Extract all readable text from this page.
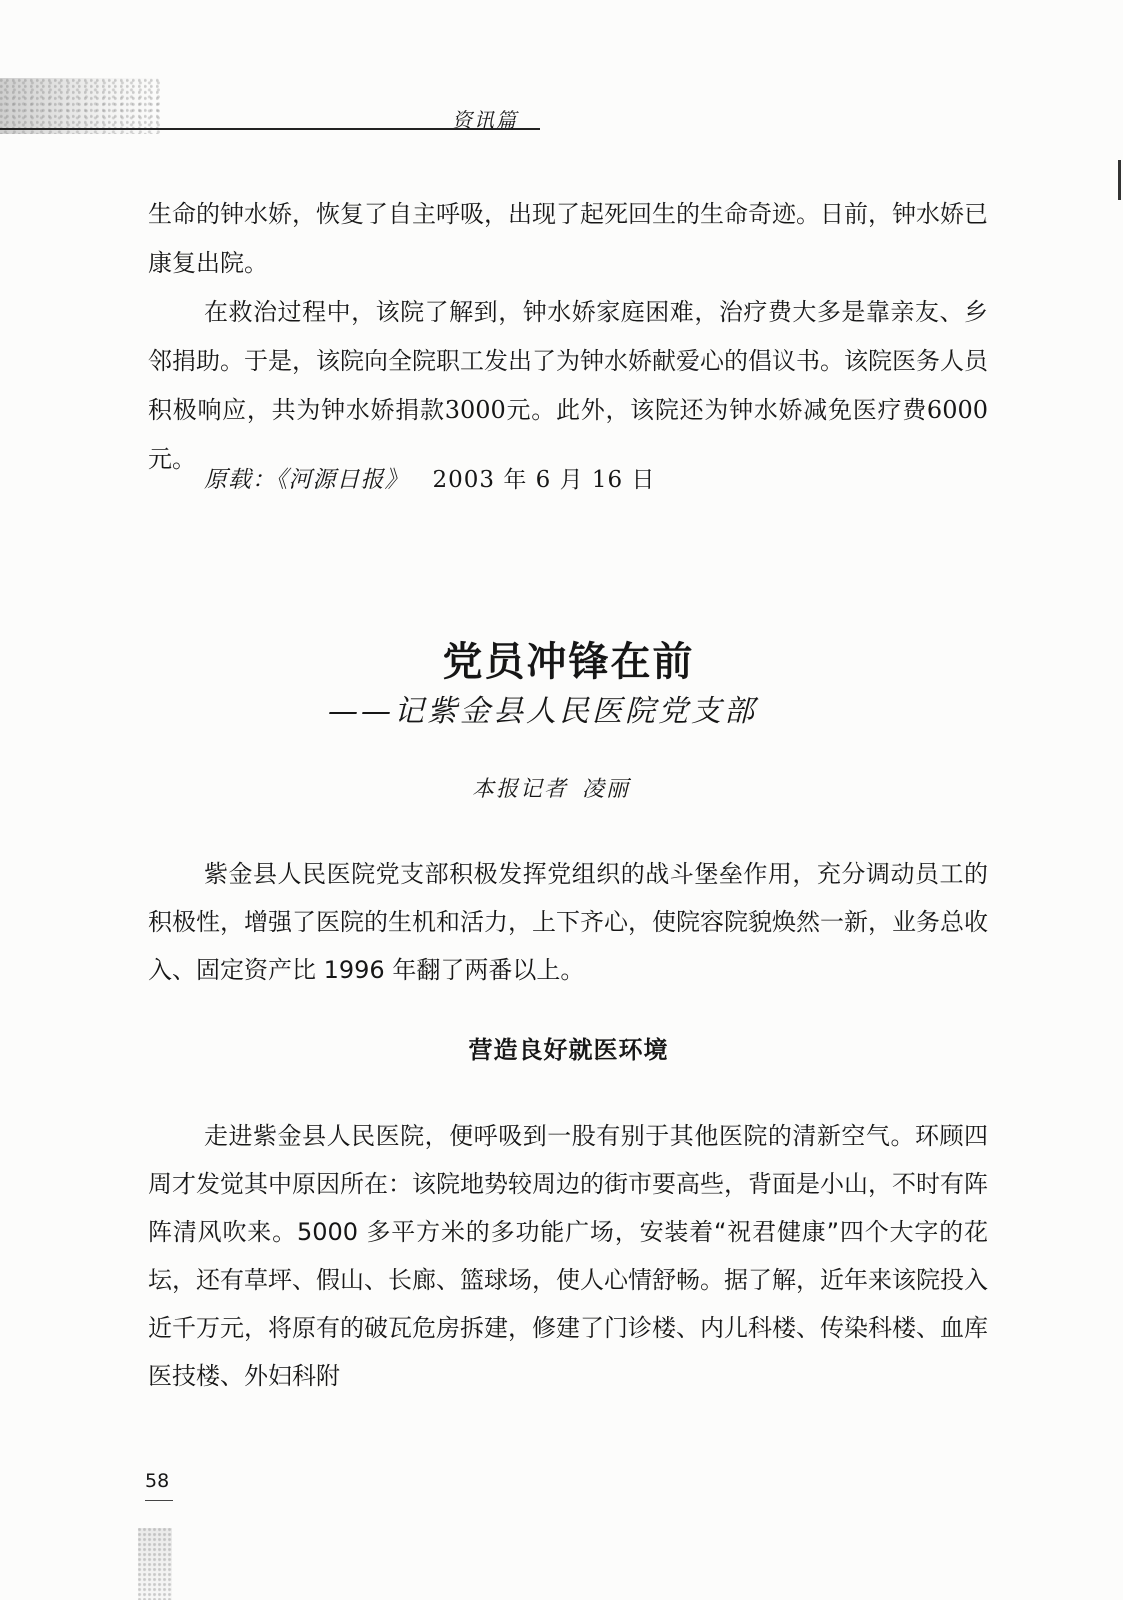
资讯篇

生命的钟水娇，恢复了自主呼吸，出现了起死回生的生命奇迹。日前，钟水娇已康复出院。

在救治过程中，该院了解到，钟水娇家庭困难，治疗费大多是靠亲友、乡邻捐助。于是，该院向全院职工发出了为钟水娇献爱心的倡议书。该院医务人员积极响应，共为钟水娇捐款3000元。此外，该院还为钟水娇减免医疗费6000元。

原载：《河源日报》 2003 年 6 月 16 日
党员冲锋在前
——记紫金县人民医院党支部
本报记者 凌丽

紫金县人民医院党支部积极发挥党组织的战斗堡垒作用，充分调动员工的积极性，增强了医院的生机和活力，上下齐心，使院容院貌焕然一新，业务总收入、固定资产比 1996 年翻了两番以上。

营造良好就医环境

走进紫金县人民医院，便呼吸到一股有别于其他医院的清新空气。环顾四周才发觉其中原因所在：该院地势较周边的街市要高些，背面是小山，不时有阵阵清风吹来。5000 多平方米的多功能广场，安装着“祝君健康”四个大字的花坛，还有草坪、假山、长廊、篮球场，使人心情舒畅。据了解，近年来该院投入近千万元，将原有的破瓦危房拆建，修建了门诊楼、内儿科楼、传染科楼、血库医技楼、外妇科附

58
